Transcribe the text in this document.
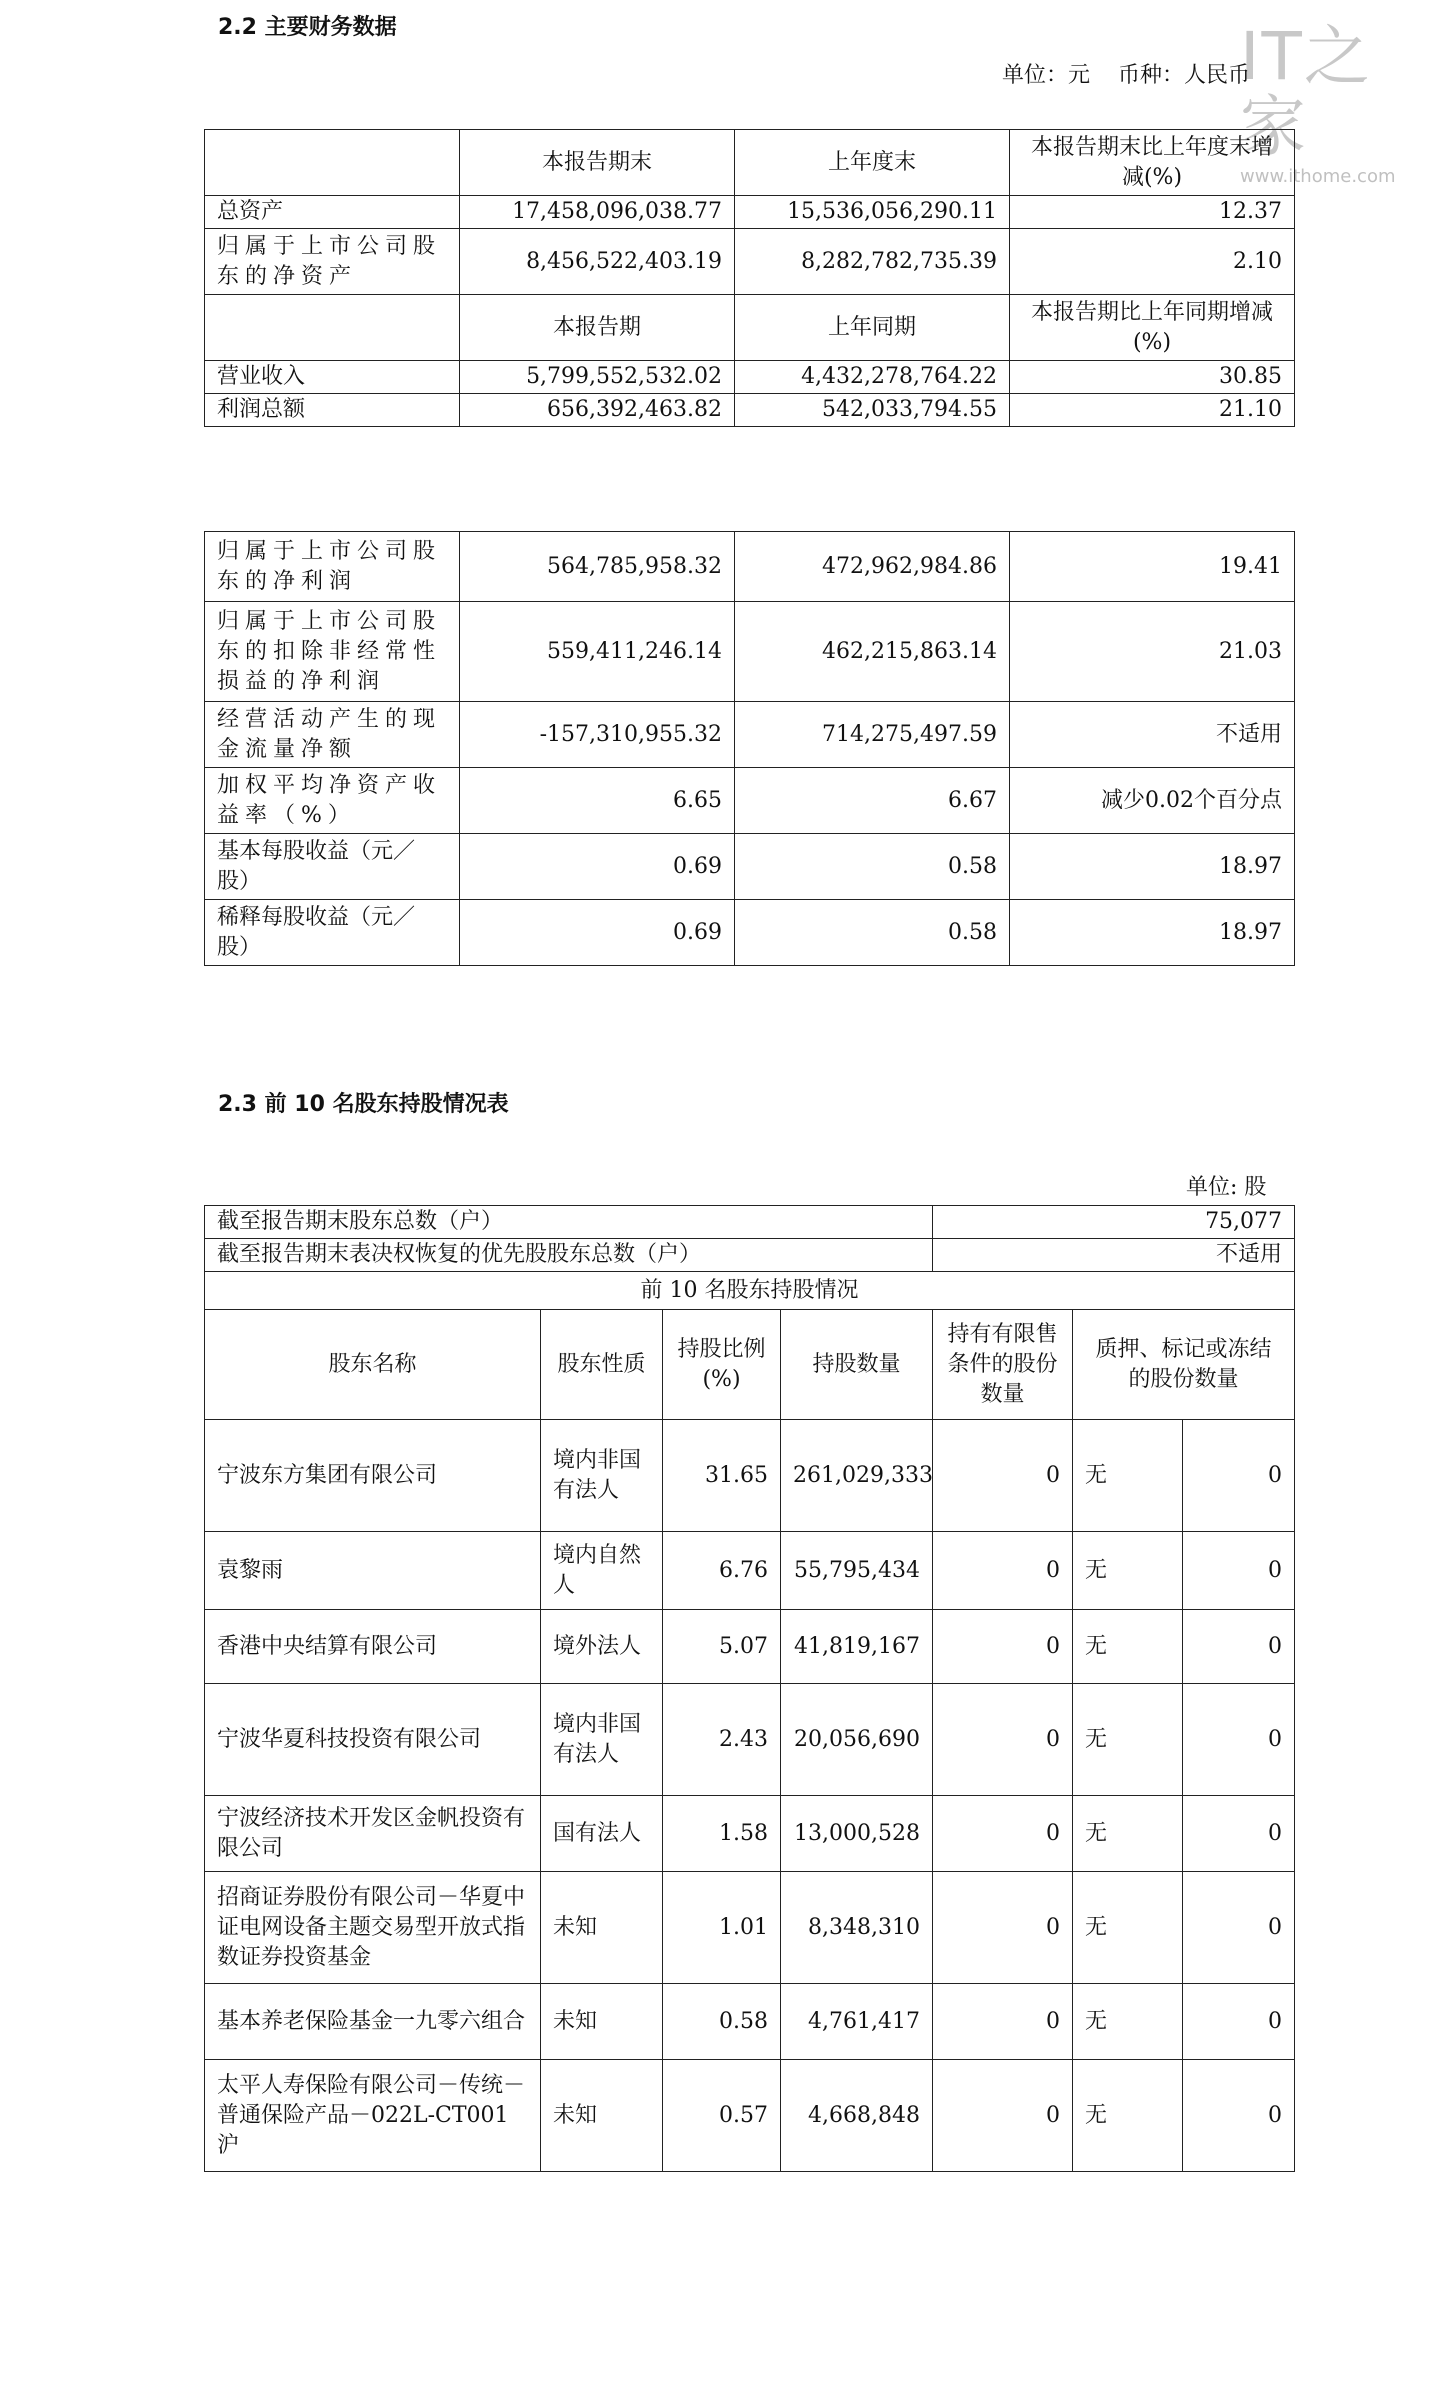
IT之家
www.ithome.com
2.2 主要财务数据
单位：元    币种：人民币
	本报告期末	上年度末	本报告期末比上年度末增减(%)
总资产	17,458,096,038.77	15,536,056,290.11	12.37
归属于上市公司股东的净资产	8,456,522,403.19	8,282,782,735.39	2.10
	本报告期	上年同期	本报告期比上年同期增减(%)
营业收入	5,799,552,532.02	4,432,278,764.22	30.85
利润总额	656,392,463.82	542,033,794.55	21.10
归属于上市公司股东的净利润	564,785,958.32	472,962,984.86	19.41
归属于上市公司股东的扣除非经常性损益的净利润	559,411,246.14	462,215,863.14	21.03
经营活动产生的现金流量净额	-157,310,955.32	714,275,497.59	不适用
加权平均净资产收益率（%）	6.65	6.67	减少0.02个百分点
基本每股收益（元／股）	0.69	0.58	18.97
稀释每股收益（元／股）	0.69	0.58	18.97
2.3 前 10 名股东持股情况表
单位: 股
截至报告期末股东总数（户）				75,077		
截至报告期末表决权恢复的优先股股东总数（户）				不适用		
前 10 名股东持股情况						
股东名称	股东性质	持股比例(%)	持股数量	持有有限售条件的股份数量	质押、标记或冻结的股份数量	
宁波东方集团有限公司	境内非国有法人	31.65	261,029,333	0	无	0
袁黎雨	境内自然人	6.76	55,795,434	0	无	0
香港中央结算有限公司	境外法人	5.07	41,819,167	0	无	0
宁波华夏科技投资有限公司	境内非国有法人	2.43	20,056,690	0	无	0
宁波经济技术开发区金帆投资有限公司	国有法人	1.58	13,000,528	0	无	0
招商证券股份有限公司－华夏中证电网设备主题交易型开放式指数证券投资基金	未知	1.01	8,348,310	0	无	0
基本养老保险基金一九零六组合	未知	0.58	4,761,417	0	无	0
太平人寿保险有限公司－传统－普通保险产品－022L-CT001 沪	未知	0.57	4,668,848	0	无	0
